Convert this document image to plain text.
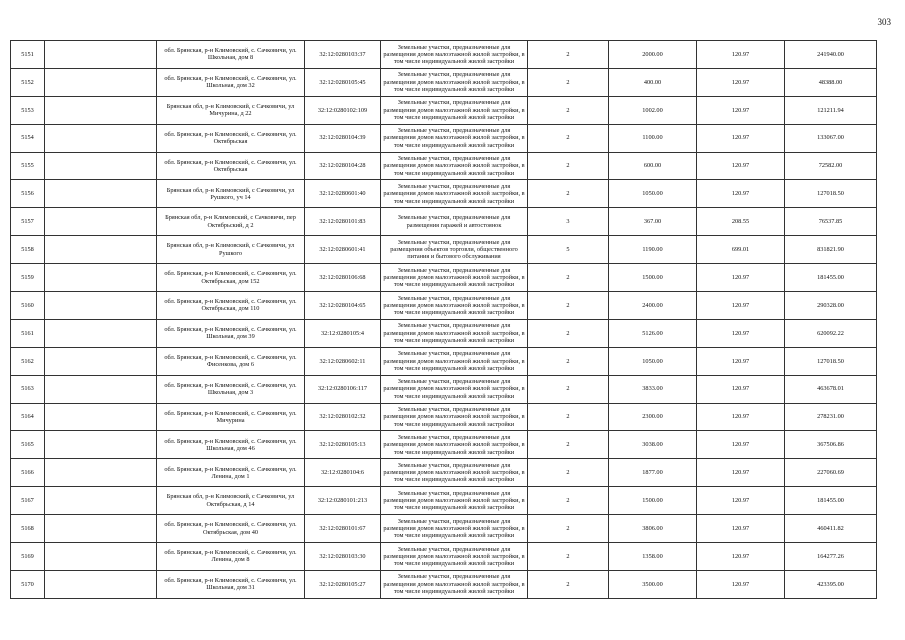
303
5151		обл. Брянская, р-н Климовский, с. Сачковичи, ул. Школьная, дом 8	32:12:0280103:37	Земельные участки, предназначенные для размещения домов малоэтажной жилой застройки, в том числе индивидуальной жилой застройки	2	2000.00	120.97	241940.00
5152		обл. Брянская, р-н Климовский, с. Сачковичи, ул. Школьная, дом 32	32:12:0280105:45	Земельные участки, предназначенные для размещения домов малоэтажной жилой застройки, в том числе индивидуальной жилой застройки	2	400.00	120.97	48388.00
5153		Брянская обл, р-н Климовский, с Сачковичи, ул Мичурина, д 22	32:12:0280102:109	Земельные участки, предназначенные для размещения домов малоэтажной жилой застройки, в том числе индивидуальной жилой застройки	2	1002.00	120.97	121211.94
5154		обл. Брянская, р-н Климовский, с. Сачковичи, ул. Октябрьская	32:12:0280104:39	Земельные участки, предназначенные для размещения домов малоэтажной жилой застройки, в том числе индивидуальной жилой застройки	2	1100.00	120.97	133067.00
5155		обл. Брянская, р-н Климовский, с. Сачковичи, ул. Октябрьская	32:12:0280104:28	Земельные участки, предназначенные для размещения домов малоэтажной жилой застройки, в том числе индивидуальной жилой застройки	2	600.00	120.97	72582.00
5156		Брянская обл, р-н Климовский, с Сачковичи, ул Рушкого, уч 14	32:12:0280601:40	Земельные участки, предназначенные для размещения домов малоэтажной жилой застройки, в том числе индивидуальной жилой застройки	2	1050.00	120.97	127018.50
5157		Брянская обл, р-н Климовский, с Сачковичи, пер Октябрьский, д 2	32:12:0280101:83	Земельные участки, предназначенные для размещения гаражей и автостоянок	3	367.00	208.55	76537.85
5158		Брянская обл, р-н Климовский, с Сачковичи, ул Рушкого	32:12:0280601:41	Земельные участки, предназначенные для размещения объектов торговли, общественного питания и бытового обслуживания	5	1190.00	699.01	831821.90
5159		обл. Брянская, р-н Климовский, с. Сачковичи, ул. Октябрьская, дом 152	32:12:0280106:68	Земельные участки, предназначенные для размещения домов малоэтажной жилой застройки, в том числе индивидуальной жилой застройки	2	1500.00	120.97	181455.00
5160		обл. Брянская, р-н Климовский, с. Сачковичи, ул. Октябрьская, дом 110	32:12:0280104:65	Земельные участки, предназначенные для размещения домов малоэтажной жилой застройки, в том числе индивидуальной жилой застройки	2	2400.00	120.97	290328.00
5161		обл. Брянская, р-н Климовский, с. Сачковичи, ул. Школьная, дом 39	32:12:0280105:4	Земельные участки, предназначенные для размещения домов малоэтажной жилой застройки, в том числе индивидуальной жилой застройки	2	5126.00	120.97	620092.22
5162		обл. Брянская, р-н Климовский, с. Сачковичи, ул. Фисенкова, дом 6	32:12:0280602:11	Земельные участки, предназначенные для размещения домов малоэтажной жилой застройки, в том числе индивидуальной жилой застройки	2	1050.00	120.97	127018.50
5163		обл. Брянская, р-н Климовский, с. Сачковичи, ул. Школьная, дом 3	32:12:0280106:117	Земельные участки, предназначенные для размещения домов малоэтажной жилой застройки, в том числе индивидуальной жилой застройки	2	3833.00	120.97	463678.01
5164		обл. Брянская, р-н Климовский, с. Сачковичи, ул. Мичурина	32:12:0280102:32	Земельные участки, предназначенные для размещения домов малоэтажной жилой застройки, в том числе индивидуальной жилой застройки	2	2300.00	120.97	278231.00
5165		обл. Брянская, р-н Климовский, с. Сачковичи, ул. Школьная, дом 46	32:12:0280105:13	Земельные участки, предназначенные для размещения домов малоэтажной жилой застройки, в том числе индивидуальной жилой застройки	2	3038.00	120.97	367506.86
5166		обл. Брянская, р-н Климовский, с. Сачковичи, ул. Ленина, дом 1	32:12:0280104:6	Земельные участки, предназначенные для размещения домов малоэтажной жилой застройки, в том числе индивидуальной жилой застройки	2	1877.00	120.97	227060.69
5167		Брянская обл, р-н Климовский, с Сачковичи, ул Октябрьская, д 14	32:12:0280101:213	Земельные участки, предназначенные для размещения домов малоэтажной жилой застройки, в том числе индивидуальной жилой застройки	2	1500.00	120.97	181455.00
5168		обл. Брянская, р-н Климовский, с. Сачковичи, ул. Октябрьская, дом 40	32:12:0280101:67	Земельные участки, предназначенные для размещения домов малоэтажной жилой застройки, в том числе индивидуальной жилой застройки	2	3806.00	120.97	460411.82
5169		обл. Брянская, р-н Климовский, с. Сачковичи, ул. Ленина, дом 8	32:12:0280103:30	Земельные участки, предназначенные для размещения домов малоэтажной жилой застройки, в том числе индивидуальной жилой застройки	2	1358.00	120.97	164277.26
5170		обл. Брянская, р-н Климовский, с. Сачковичи, ул. Школьная, дом 31	32:12:0280105:27	Земельные участки, предназначенные для размещения домов малоэтажной жилой застройки, в том числе индивидуальной жилой застройки	2	3500.00	120.97	423395.00
